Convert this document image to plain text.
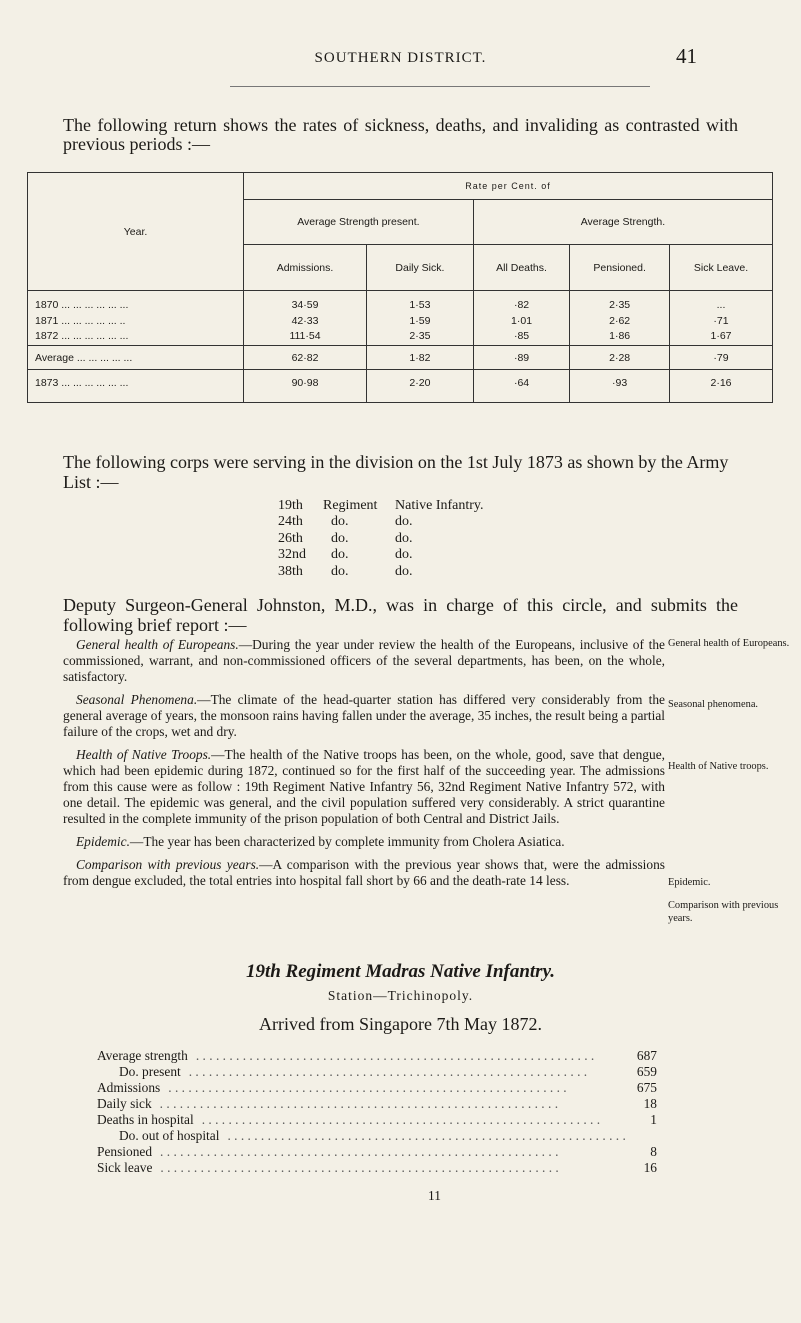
SOUTHERN DISTRICT.	41

The following return shows the rates of sickness, deaths, and invaliding as contrasted with previous periods :—

Year.	Rate per Cent. of				
	Average Strength present.		Average Strength.		
	Admissions.	Daily Sick.	All Deaths.	Pensioned.	Sick Leave.
1870 ... ... ... ... ... ...	34·59	1·53	·82	2·35	...
1871 ... ... ... ... ... ..	42·33	1·59	1·01	2·62	·71
1872 ... ... ... ... ... ...	111·54	2·35	·85	1·86	1·67
Average ... ... ... ... ...	62·82	1·82	·89	2·28	·79
1873 ... ... ... ... ... ...	90·98	2·20	·64	·93	2·16

The following corps were serving in the division on the 1st July 1873 as shown by the Army List :—

19th	Regiment	Native Infantry.
24th	do.	do.
26th	do.	do.
32nd	do.	do.
38th	do.	do.

Deputy Surgeon-General Johnston, M.D., was in charge of this circle, and submits the following brief report :—

General health of Europeans.—During the year under review the health of the Europeans, inclusive of the commissioned, warrant, and non-commissioned officers of the several departments, has been, on the whole, satisfactory.

Seasonal Phenomena.—The climate of the head-quarter station has differed very considerably from the general average of years, the monsoon rains having fallen under the average, 35 inches, the result being a partial failure of the crops, wet and dry.

Health of Native Troops.—The health of the Native troops has been, on the whole, good, save that dengue, which had been epidemic during 1872, continued so for the first half of the succeeding year. The admissions from this cause were as follow : 19th Regiment Native Infantry 56, 32nd Regiment Native Infantry 572, with one detail. The epidemic was general, and the civil population suffered very considerably. A strict quarantine resulted in the complete immunity of the prison population of both Central and District Jails.

Epidemic.—The year has been characterized by complete immunity from Cholera Asiatica.

Comparison with previous years.—A comparison with the previous year shows that, were the admissions from dengue excluded, the total entries into hospital fall short by 66 and the death-rate 14 less.

General health of Europeans.
Seasonal phenomena.
Health of Native troops.
Epidemic.
Comparison with previous years.
19th Regiment Madras Native Infantry.
Station—Trichinopoly.
Arrived from Singapore 7th May 1872.
Average strength . . . . . . . . . . . . . . . . . . . . . . . . . . . . . . . . . . . . . . . . . . . . . . . . . . . . . . . . . . . .	687
Do. present . . . . . . . . . . . . . . . . . . . . . . . . . . . . . . . . . . . . . . . . . . . . . . . . . . . . . . . . . . . .	659
Admissions . . . . . . . . . . . . . . . . . . . . . . . . . . . . . . . . . . . . . . . . . . . . . . . . . . . . . . . . . . . .	675
Daily sick . . . . . . . . . . . . . . . . . . . . . . . . . . . . . . . . . . . . . . . . . . . . . . . . . . . . . . . . . . . .	18
Deaths in hospital . . . . . . . . . . . . . . . . . . . . . . . . . . . . . . . . . . . . . . . . . . . . . . . . . . . . . . . . . . . .	1
Do. out of hospital . . . . . . . . . . . . . . . . . . . . . . . . . . . . . . . . . . . . . . . . . . . . . . . . . . . . . . . . . . . .
Pensioned . . . . . . . . . . . . . . . . . . . . . . . . . . . . . . . . . . . . . . . . . . . . . . . . . . . . . . . . . . . .	8
Sick leave . . . . . . . . . . . . . . . . . . . . . . . . . . . . . . . . . . . . . . . . . . . . . . . . . . . . . . . . . . . .	16
11
